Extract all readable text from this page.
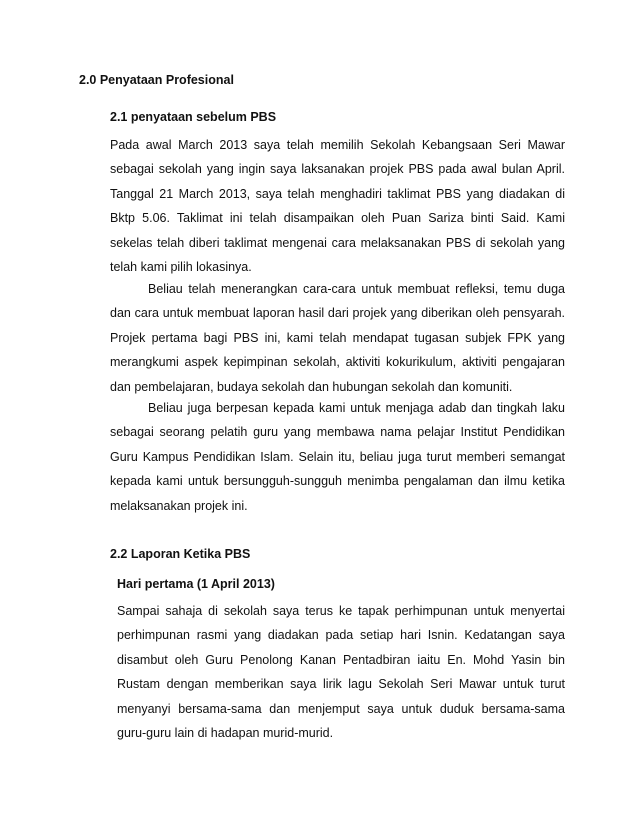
2.0 Penyataan Profesional
2.1 penyataan sebelum PBS

Pada awal March 2013 saya telah memilih Sekolah Kebangsaan Seri Mawar sebagai sekolah yang ingin saya laksanakan projek PBS pada awal bulan April. Tanggal 21 March 2013, saya telah menghadiri taklimat PBS yang diadakan di Bktp 5.06. Taklimat ini telah disampaikan oleh Puan Sariza binti Said. Kami sekelas telah diberi taklimat mengenai cara melaksanakan PBS di sekolah yang telah kami pilih lokasinya.

Beliau telah menerangkan cara-cara untuk membuat refleksi, temu duga dan cara untuk membuat laporan hasil dari projek yang diberikan oleh pensyarah. Projek pertama bagi PBS ini, kami telah mendapat tugasan subjek FPK yang merangkumi aspek kepimpinan sekolah, aktiviti kokurikulum, aktiviti pengajaran dan pembelajaran, budaya sekolah dan hubungan sekolah dan komuniti.

Beliau juga berpesan kepada kami untuk menjaga adab dan tingkah laku sebagai seorang pelatih guru yang membawa nama pelajar Institut Pendidikan Guru Kampus Pendidikan Islam. Selain itu, beliau juga turut memberi semangat kepada kami untuk bersungguh-sungguh menimba pengalaman dan ilmu ketika melaksanakan projek ini.

2.2 Laporan Ketika PBS
Hari pertama (1 April 2013)

Sampai sahaja di sekolah saya terus ke tapak perhimpunan untuk menyertai perhimpunan rasmi yang diadakan pada setiap hari Isnin. Kedatangan saya disambut oleh Guru Penolong Kanan Pentadbiran iaitu En. Mohd Yasin bin Rustam dengan memberikan saya lirik lagu Sekolah Seri Mawar untuk turut menyanyi bersama-sama dan menjemput saya untuk duduk bersama-sama guru-guru lain di hadapan murid-murid.
